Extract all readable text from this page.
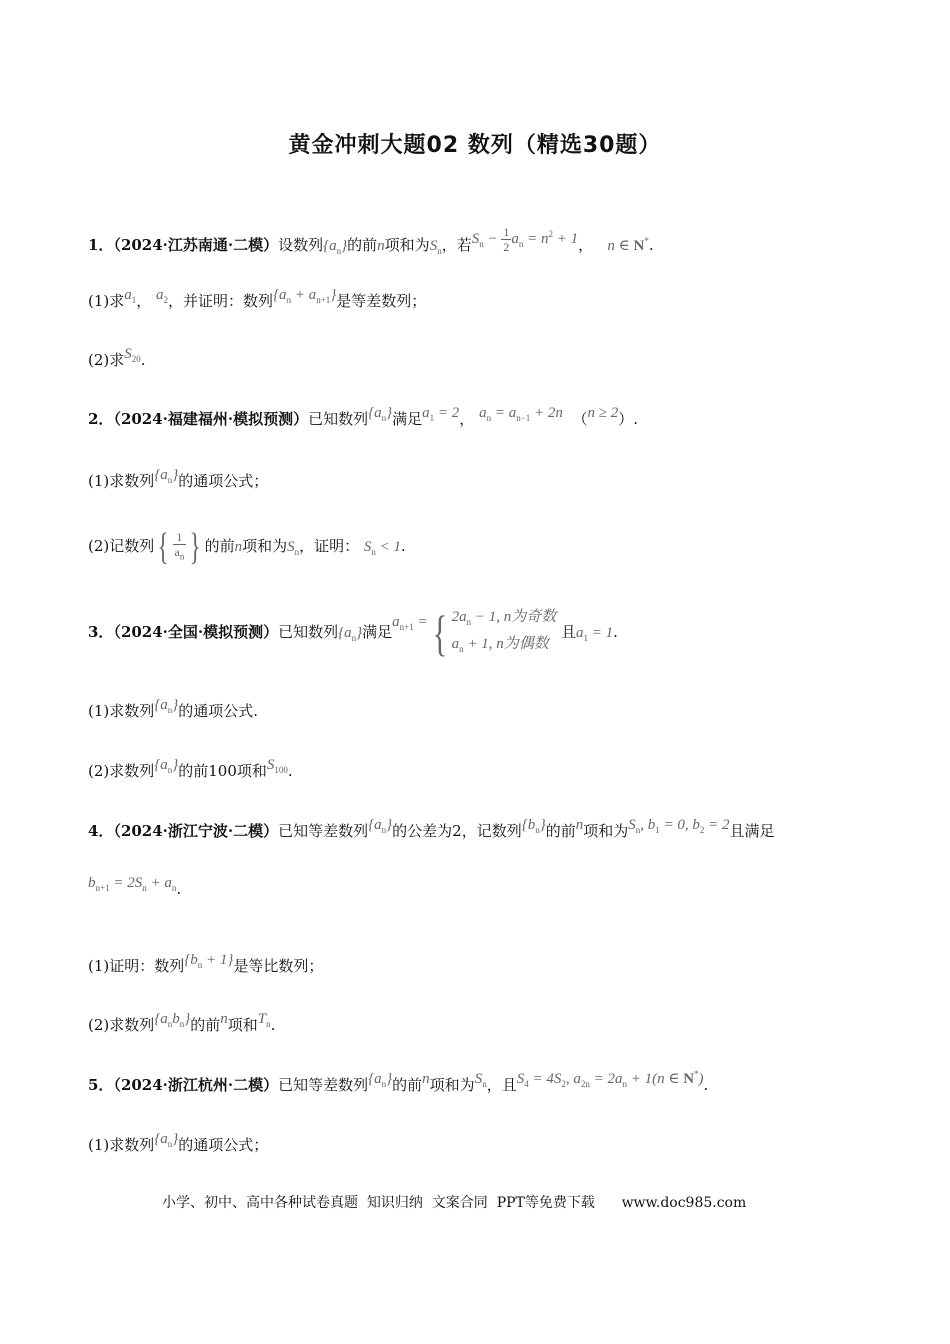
黄金冲刺大题02 数列（精选30题）
1．（2024·江苏南通·二模）设数列$\{a_n\}$的前n项和为$S_n$，若$S_n - \frac{1}{2} a_n = n^2 + 1$， n ∈ N*.
(1)求$a_1$， $a_2$，并证明：数列$\{a_n + a_{n+1}\}$是等差数列；
(2)求$S_{20}$.
2．（2024·福建福州·模拟预测）已知数列$\{a_n\}$满足$a_1 = 2$， $a_n = a_{n-1} + 2n$ （n ≥ 2）.
(1)求数列$\{a_n\}$的通项公式；
(2)记数列 { $\frac{1}{a_n}$ } 的前n项和为$S_n$，证明： $S_n < 1$.
3．（2024·全国·模拟预测）已知数列$\{a_n\}$满足
$a_{n+1}$ = { $2a_n - 1$, n为奇数
$a_n + 1$, n为偶数
且$a_1 = 1$.
(1)求数列$\{a_n\}$的通项公式.
(2)求数列$\{a_n\}$的前100项和$S_{100}$.
4．（2024·浙江宁波·二模）已知等差数列$\{a_n\}$的公差为2，记数列$\{b_n\}$的前n项和为$S_n$, $b_1 = 0$, $b_2 = 2$且满足
$b_{n+1} = 2S_n + a_n$.
(1)证明：数列$\{b_n + 1\}$是等比数列；
(2)求数列$\{a_nb_n\}$的前n项和$T_n$.
5．（2024·浙江杭州·二模）已知等差数列$\{a_n\}$的前n项和为$S_n$，且$S_4 = 4S_2$, $a_{2n} = 2a_n + 1(n$ ∈ N*).
(1)求数列$\{a_n\}$的通项公式；
小学、初中、高中各种试卷真题  知识归纳  文案合同  PPT等免费下载      www.doc985.com
